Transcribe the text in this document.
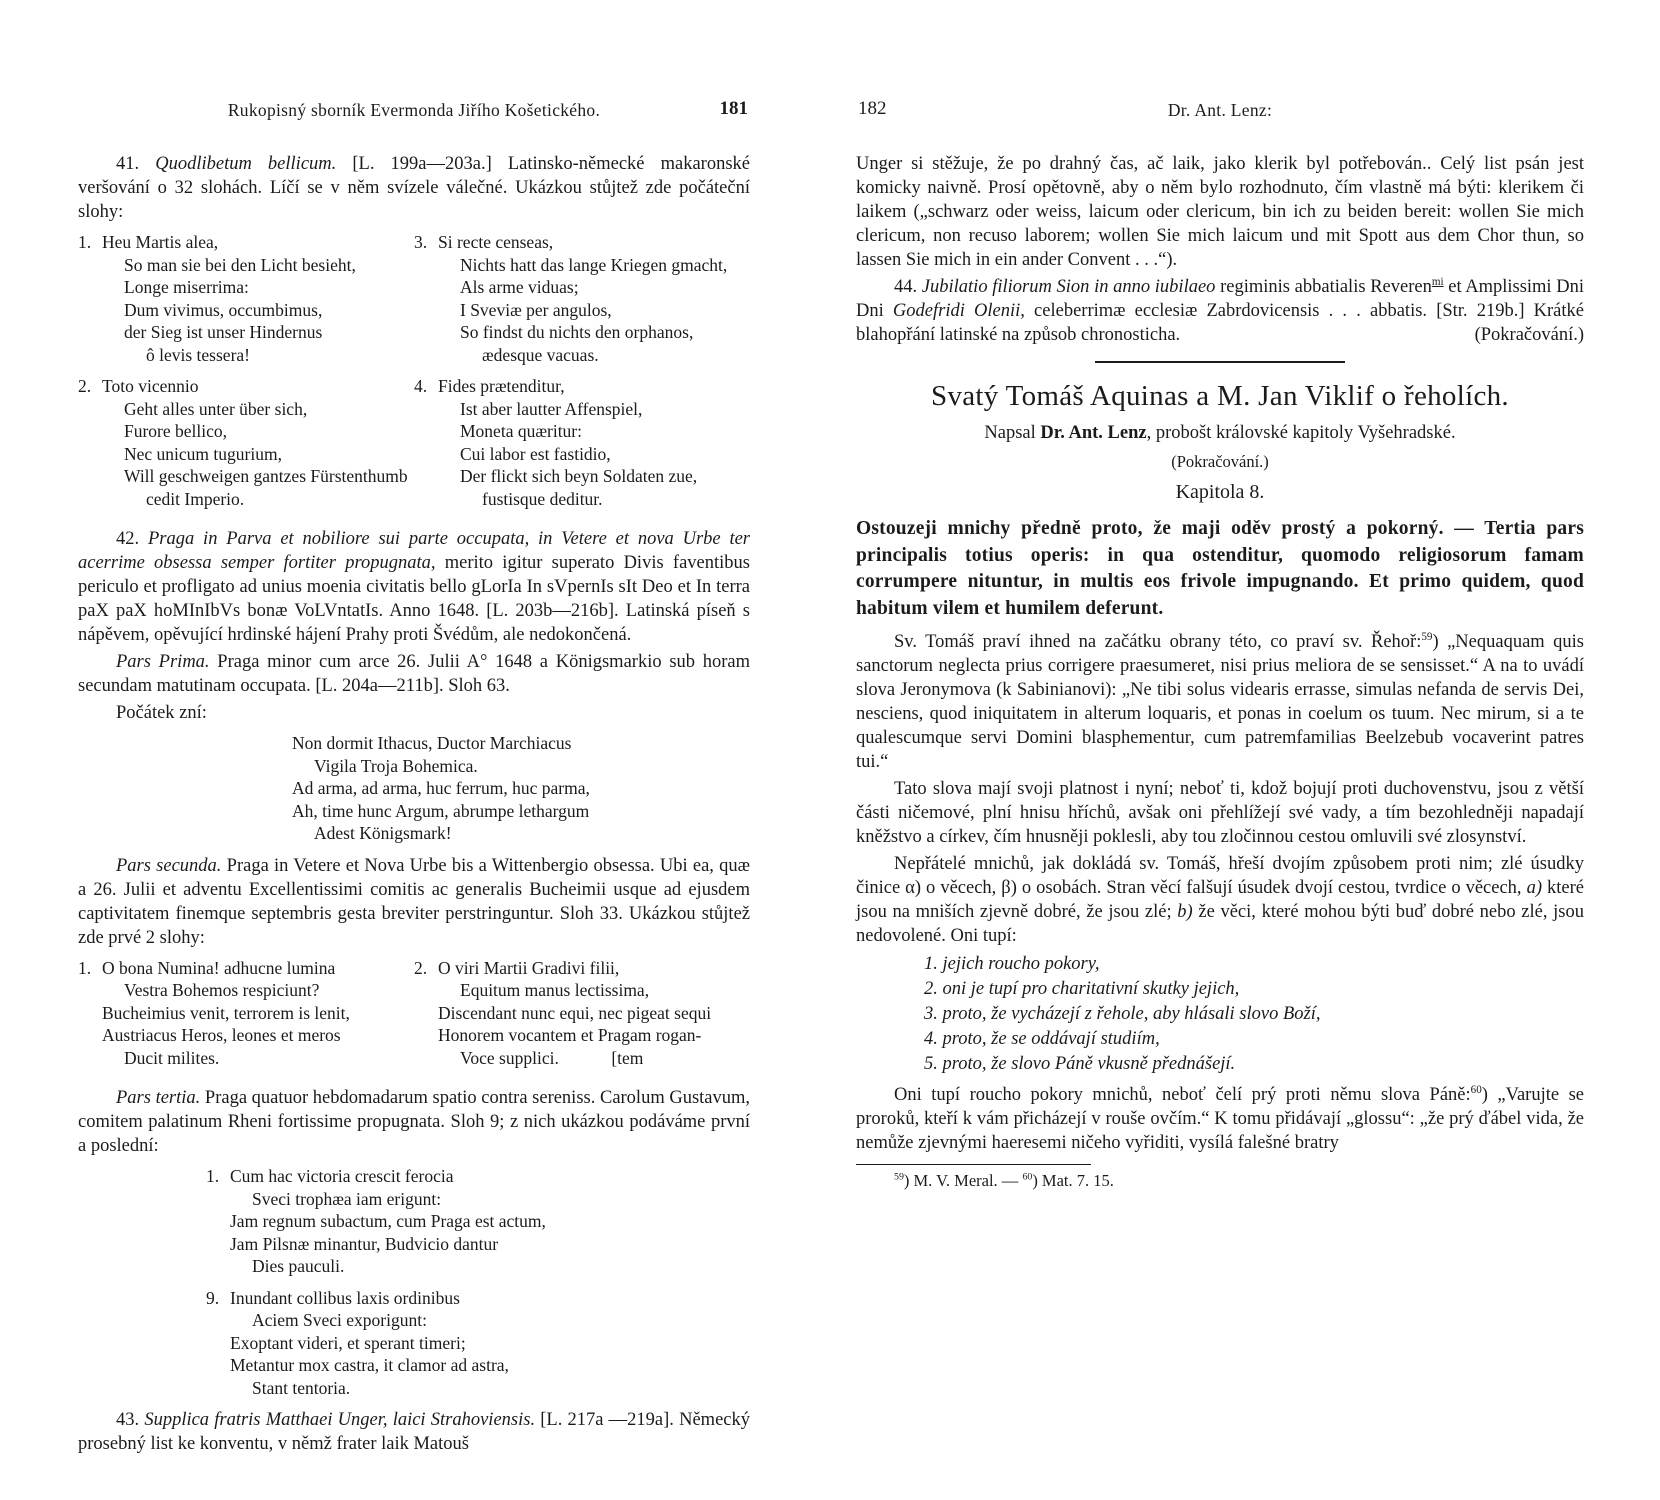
Rukopisný sborník Evermonda Jiřího Košetického.	181

41. Quodlibetum bellicum. [L. 199a—203a.] Latinsko-německé makaronské veršování o 32 slohách. Líčí se v něm svízele válečné. Ukázkou stůjtež zde počáteční slohy:

1. Heu Martis alea,
So man sie bei den Licht besieht,
Longe miserrima:
Dum vivimus, occumbimus,
der Sieg ist unser Hindernus
ô levis tessera!
2. Toto vicennio
Geht alles unter über sich,
Furore bellico,
Nec unicum tugurium,
Will geschweigen gantzes Fürstenthumb
cedit Imperio.
3. Si recte censeas,
Nichts hatt das lange Kriegen gmacht,
Als arme viduas;
I Sveviæ per angulos,
So findst du nichts den orphanos,
ædesque vacuas.
4. Fides prætenditur,
Ist aber lautter Affenspiel,
Moneta quæritur:
Cui labor est fastidio,
Der flickt sich beyn Soldaten zue,
fustisque deditur.

42. Praga in Parva et nobiliore sui parte occupata, in Vetere et nova Urbe ter acerrime obsessa semper fortiter propugnata, merito igitur superato Divis faventibus periculo et profligato ad unius moenia civitatis bello gLorIa In sVpernIs sIt Deo et In terra paX paX hoMInIbVs bonæ VoLVntatIs. Anno 1648. [L. 203b—216b]. Latinská píseň s nápěvem, opěvující hrdinské hájení Prahy proti Švédům, ale nedokončená.

Pars Prima. Praga minor cum arce 26. Julii A° 1648 a Königsmarkio sub horam secundam matutinam occupata. [L. 204a—211b]. Sloh 63.

Počátek zní:

Non dormit Ithacus, Ductor Marchiacus
Vigila Troja Bohemica.
Ad arma, ad arma, huc ferrum, huc parma,
Ah, time hunc Argum, abrumpe lethargum
Adest Königsmark!

Pars secunda. Praga in Vetere et Nova Urbe bis a Wittenbergio obsessa. Ubi ea, quæ a 26. Julii et adventu Excellentissimi comitis ac generalis Bucheimii usque ad ejusdem captivitatem finemque septembris gesta breviter perstringuntur. Sloh 33. Ukázkou stůjtež zde prvé 2 slohy:

1. O bona Numina! adhucne lumina
Vestra Bohemos respiciunt?
Bucheimius venit, terrorem is lenit,
Austriacus Heros, leones et meros
Ducit milites.
2. O viri Martii Gradivi filii,
Equitum manus lectissima,
Discendant nunc equi, nec pigeat sequi
Honorem vocantem et Pragam rogan-
Voce supplici.   [tem

Pars tertia. Praga quatuor hebdomadarum spatio contra sereniss. Carolum Gustavum, comitem palatinum Rheni fortissime propugnata. Sloh 9; z nich ukázkou podáváme první a poslední:

1. Cum hac victoria crescit ferocia
Sveci trophæa iam erigunt:
Jam regnum subactum, cum Praga est actum,
Jam Pilsnæ minantur, Budvicio dantur
Dies pauculi.
9. Inundant collibus laxis ordinibus
Aciem Sveci exporigunt:
Exoptant videri, et sperant timeri;
Metantur mox castra, it clamor ad astra,
Stant tentoria.

43. Supplica fratris Matthaei Unger, laici Strahoviensis. [L. 217a —219a]. Německý prosebný list ke konventu, v němž frater laik Matouš

182	Dr. Ant. Lenz:

Unger si stěžuje, že po drahný čas, ač laik, jako klerik byl potřebován.. Celý list psán jest komicky naivně. Prosí opětovně, aby o něm bylo rozhodnuto, čím vlastně má býti: klerikem či laikem („schwarz oder weiss, laicum oder clericum, bin ich zu beiden bereit: wollen Sie mich clericum, non recuso laborem; wollen Sie mich laicum und mit Spott aus dem Chor thun, so lassen Sie mich in ein ander Convent . . .“).

44. Jubilatio filiorum Sion in anno iubilaeo regiminis abbatialis Reveren$^{mi}$ et Amplissimi Dni Dni Godefridi Olenii, celeberrimæ ecclesiæ Zabrdovicensis . . . abbatis. [Str. 219b.] Krátké blahopřání latinské na způsob chronosticha.	(Pokračování.)

Svatý Tomáš Aquinas a M. Jan Viklif o řeholích.
Napsal Dr. Ant. Lenz, probošt královské kapitoly Vyšehradské.
(Pokračování.)
Kapitola 8.

Ostouzeji mnichy předně proto, že maji oděv prostý a pokorný. — Tertia pars principalis totius operis: in qua ostenditur, quomodo religiosorum famam corrumpere nituntur, in multis eos frivole impugnando. Et primo quidem, quod habitum vilem et humilem deferunt.

Sv. Tomáš praví ihned na začátku obrany této, co praví sv. Řehoř:$^{59}$) „Nequaquam quis sanctorum neglecta prius corrigere praesumeret, nisi prius meliora de se sensisset.“ A na to uvádí slova Jeronymova (k Sabinianovi): „Ne tibi solus videaris errasse, simulas nefanda de servis Dei, nesciens, quod iniquitatem in alterum loquaris, et ponas in coelum os tuum. Nec mirum, si a te qualescumque servi Domini blasphementur, cum patremfamilias Beelzebub vocaverint patres tui.“

Tato slova mají svoji platnost i nyní; neboť ti, kdož bojují proti duchovenstvu, jsou z větší části ničemové, plní hnisu hříchů, avšak oni přehlížejí své vady, a tím bezohledněji napadají kněžstvo a církev, čím hnusněji poklesli, aby tou zločinnou cestou omluvili své zlosynství.

Nepřátelé mnichů, jak dokládá sv. Tomáš, hřeší dvojím způsobem proti nim; zlé úsudky činice α) o věcech, β) o osobách. Stran věcí falšují úsudek dvojí cestou, tvrdice o věcech, a) které jsou na mniších zjevně dobré, že jsou zlé; b) že věci, které mohou býti buď dobré nebo zlé, jsou nedovolené. Oni tupí:

1. jejich roucho pokory,
2. oni je tupí pro charitativní skutky jejich,
3. proto, že vycházejí z řehole, aby hlásali slovo Boží,
4. proto, že se oddávají studiím,
5. proto, že slovo Páně vkusně přednášejí.

Oni tupí roucho pokory mnichů, neboť čelí prý proti němu slova Páně:$^{60}$) „Varujte se proroků, kteří k vám přicházejí v rouše ovčím.“ K tomu přidávají „glossu“: „že prý ďábel vida, že nemůže zjevnými haeresemi ničeho vyřiditi, vysílá falešné bratry

$^{59}$) M. V. Meral. — $^{60}$) Mat. 7. 15.
